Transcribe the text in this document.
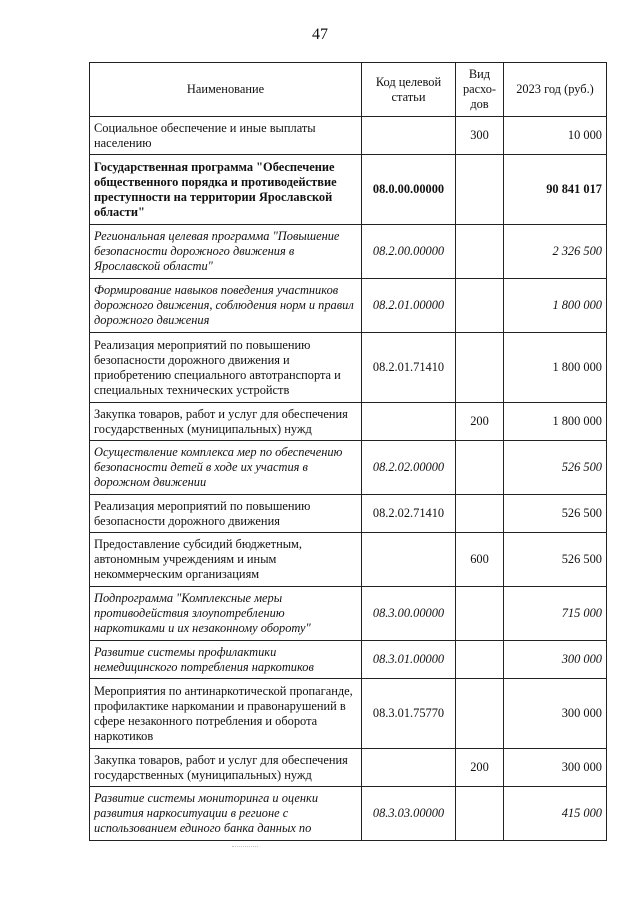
47
Наименование	Код целевой статьи	Вид расхо-дов	2023 год (руб.)
Социальное обеспечение и иные выплаты населению		300	10 000
Государственная программа "Обеспечение общественного порядка и противодействие преступности на территории Ярославской области"	08.0.00.00000		90 841 017
Региональная целевая программа "Повышение безопасности дорожного движения в Ярославской области"	08.2.00.00000		2 326 500
Формирование навыков поведения участников дорожного движения, соблюдения норм и правил дорожного движения	08.2.01.00000		1 800 000
Реализация мероприятий по повышению безопасности дорожного движения и приобретению специального автотранспорта и специальных технических устройств	08.2.01.71410		1 800 000
Закупка товаров, работ и услуг для обеспечения государственных (муниципальных) нужд		200	1 800 000
Осуществление комплекса мер по обеспечению безопасности детей в ходе их участия в дорожном движении	08.2.02.00000		526 500
Реализация мероприятий по повышению безопасности дорожного движения	08.2.02.71410		526 500
Предоставление субсидий бюджетным, автономным учреждениям и иным некоммерческим организациям		600	526 500
Подпрограмма "Комплексные меры противодействия злоупотреблению наркотиками и их незаконному обороту"	08.3.00.00000		715 000
Развитие системы профилактики немедицинского потребления наркотиков	08.3.01.00000		300 000
Мероприятия по антинаркотической пропаганде, профилактике наркомании и правонарушений в сфере незаконного потребления и оборота наркотиков	08.3.01.75770		300 000
Закупка товаров, работ и услуг для обеспечения государственных (муниципальных) нужд		200	300 000
Развитие системы мониторинга и оценки развития наркоситуации в регионе с использованием единого банка данных по	08.3.03.00000		415 000
